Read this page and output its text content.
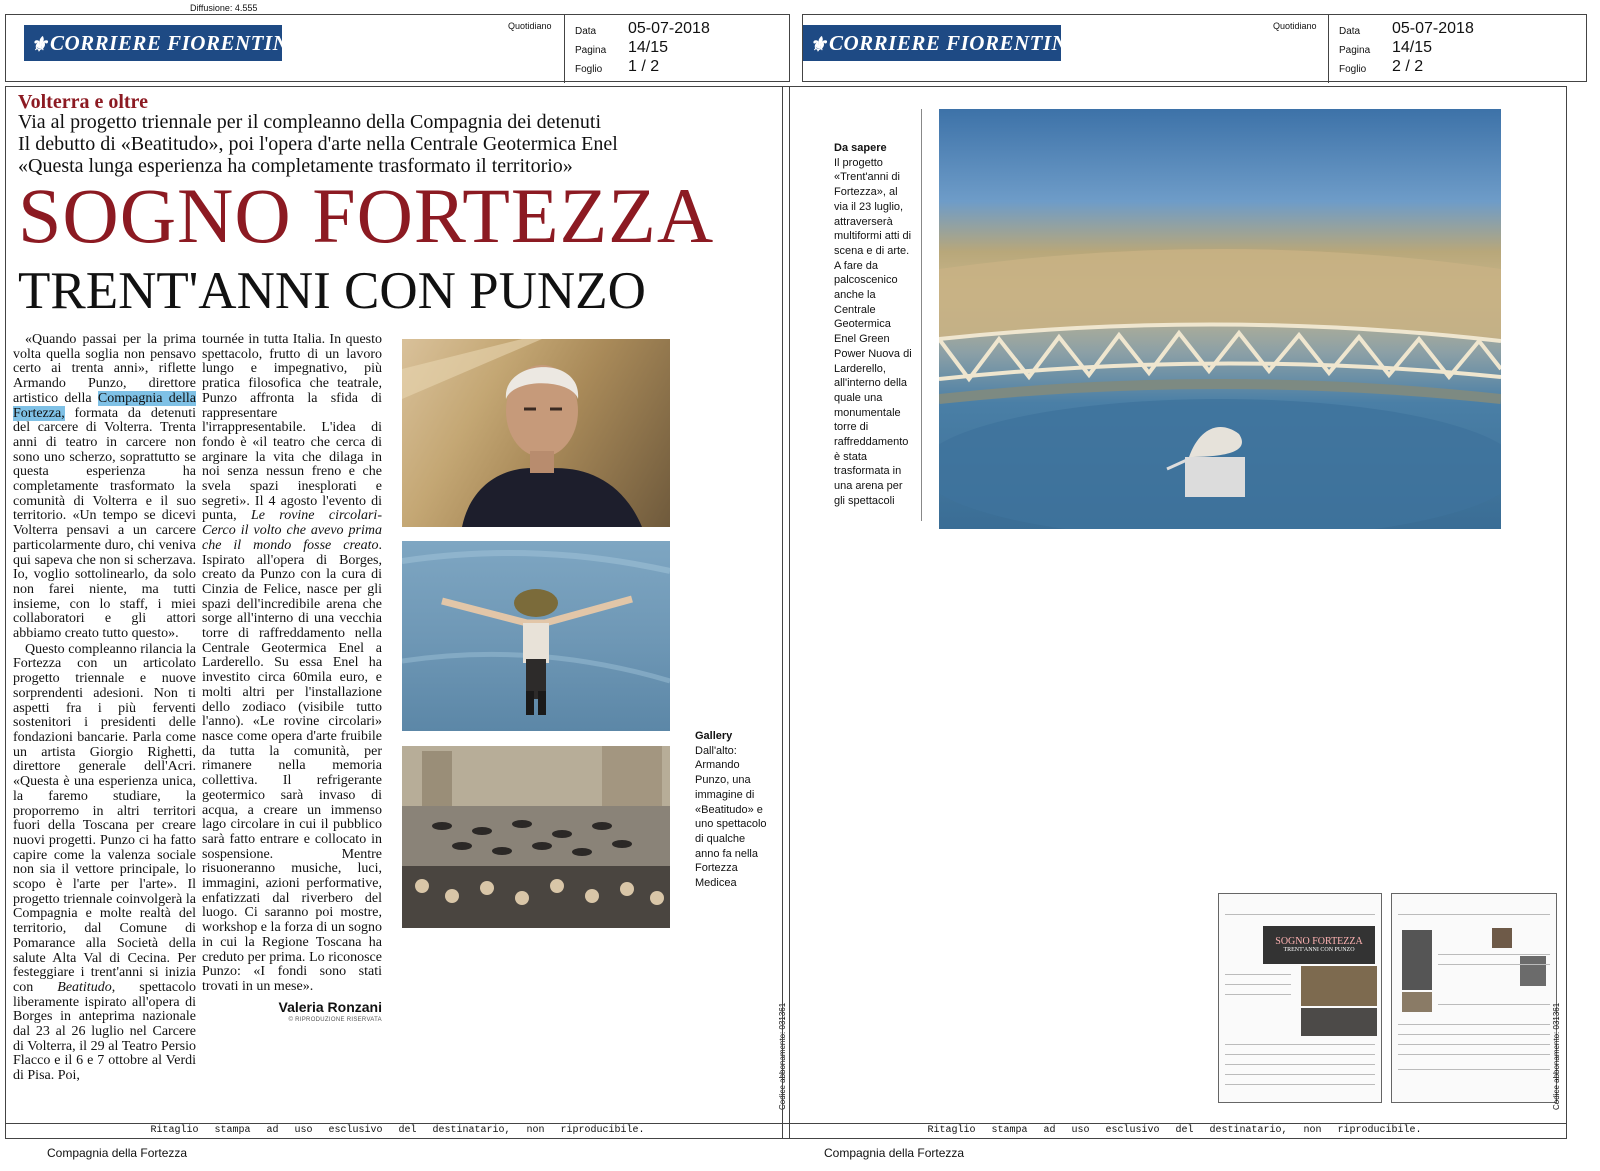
Diffusione: 4.555
⚜ CORRIERE FIORENTINO
Quotidiano Data 05-07-2018
Pagina 14/15
Foglio 1 / 2
Volterra e oltre
Via al progetto triennale per il compleanno della Compagnia dei detenuti
Il debutto di «Beatitudo», poi l'opera d'arte nella Centrale Geotermica Enel
«Questa lunga esperienza ha completamente trasformato il territorio»
SOGNO FORTEZZA
TRENT'ANNI CON PUNZO

«Quando passai per la prima volta quella soglia non pensavo certo ai trenta anni», riflette Armando Punzo, direttore artistico della Compagnia della Fortezza, formata da detenuti del carcere di Volterra. Trenta anni di teatro in carcere non sono uno scherzo, soprattutto se questa esperienza ha completamente trasformato la comunità di Volterra e il suo territorio. «Un tempo se dicevi Volterra pensavi a un carcere particolarmente duro, chi veniva qui sapeva che non si scherzava. Io, voglio sottolinearlo, da solo non farei niente, ma tutti insieme, con lo staff, i miei collaboratori e gli attori abbiamo creato tutto questo».

Questo compleanno rilancia la Fortezza con un articolato progetto triennale e nuove sorprendenti adesioni. Non ti aspetti fra i più ferventi sostenitori i presidenti delle fondazioni bancarie. Parla come un artista Giorgio Righetti, direttore generale dell'Acri. «Questa è una esperienza unica, la faremo studiare, la proporremo in altri territori fuori della Toscana per creare nuovi progetti. Punzo ci ha fatto capire come la valenza sociale non sia il vettore principale, lo scopo è l'arte per l'arte». Il progetto triennale coinvolgerà la Compagnia e molte realtà del territorio, dal Comune di Pomarance alla Società della salute Alta Val di Cecina. Per festeggiare i trent'anni si inizia con Beatitudo, spettacolo liberamente ispirato all'opera di Borges in anteprima nazionale dal 23 al 26 luglio nel Carcere di Volterra, il 29 al Teatro Persio Flacco e il 6 e 7 ottobre al Verdi di Pisa. Poi,

tournée in tutta Italia. In questo spettacolo, frutto di un lavoro lungo e impegnativo, più pratica filosofica che teatrale, Punzo affronta la sfida di rappresentare l'irrappresentabile. L'idea di fondo è «il teatro che cerca di arginare la vita che dilaga in noi senza nessun freno e che svela spazi inesplorati e segreti». Il 4 agosto l'evento di punta, Le rovine circolari-Cerco il volto che avevo prima che il mondo fosse creato. Ispirato all'opera di Borges, creato da Punzo con la cura di Cinzia de Felice, nasce per gli spazi dell'incredibile arena che sorge all'interno di una vecchia torre di raffreddamento nella Centrale Geotermica Enel a Larderello. Su essa Enel ha investito circa 60mila euro, e molti altri per l'installazione dello zodiaco (visibile tutto l'anno). «Le rovine circolari» nasce come opera d'arte fruibile da tutta la comunità, per rimanere nella memoria collettiva. Il refrigerante geotermico sarà invaso di acqua, a creare un immenso lago circolare in cui il pubblico sarà fatto entrare e collocato in sospensione. Mentre risuoneranno musiche, luci, immagini, azioni performative, enfatizzati dal riverbero del luogo. Ci saranno poi mostre, workshop e la forza di un sogno in cui la Regione Toscana ha creduto per prima. Lo riconosce Punzo: «I fondi sono stati trovati in un mese».

Valeria Ronzani
© RIPRODUZIONE RISERVATA
Gallery
Dall'alto: Armando Punzo, una immagine di «Beatitudo» e uno spettacolo di qualche anno fa nella Fortezza Medicea
Codice abbonamento: 031361
Ritaglio stampa ad uso esclusivo del destinatario, non riproducibile.
Compagnia della Fortezza
⚜ CORRIERE FIORENTINO
Quotidiano Data 05-07-2018
Pagina 14/15
Foglio 2 / 2
Da sapere
Il progetto «Trent'anni di Fortezza», al via il 23 luglio, attraverserà multiformi atti di scena e di arte. A fare da palcoscenico anche la Centrale Geotermica Enel Green Power Nuova di Larderello, all'interno della quale una monumentale torre di raffreddamento è stata trasformata in una arena per gli spettacoli
SOGNO FORTEZZA
TRENT'ANNI CON PUNZO
Codice abbonamento: 031361
Ritaglio stampa ad uso esclusivo del destinatario, non riproducibile.
Compagnia della Fortezza
